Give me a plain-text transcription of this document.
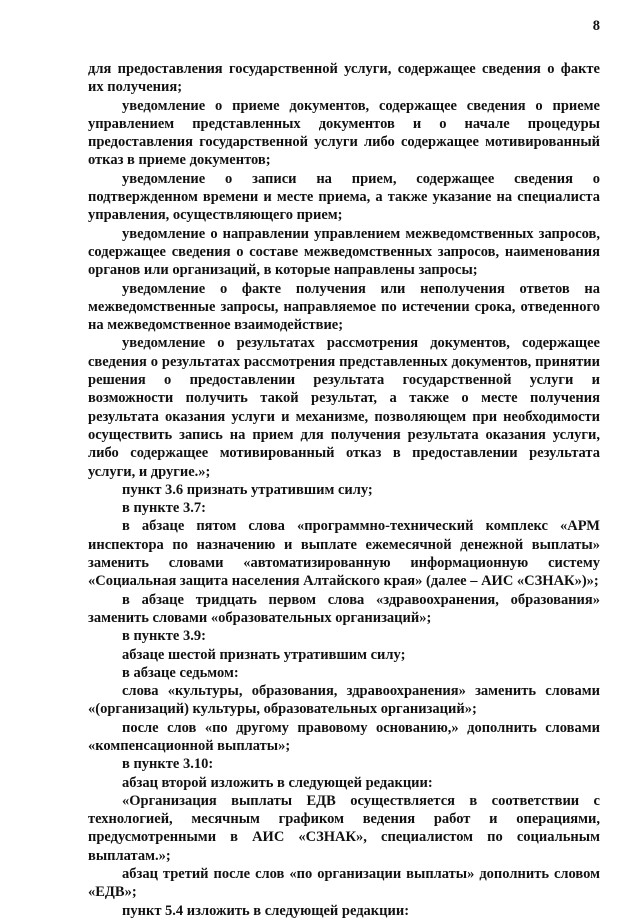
8

для предоставления государственной услуги, содержащее сведения о факте их получения;

уведомление о приеме документов, содержащее сведения о приеме управлением представленных документов и о начале процедуры предоставления государственной услуги либо содержащее мотивированный отказ в приеме документов;

уведомление о записи на прием, содержащее сведения о подтвержденном времени и месте приема, а также указание на специалиста управления, осуществляющего прием;

уведомление о направлении управлением межведомственных запросов, содержащее сведения о составе межведомственных запросов, наименования органов или организаций, в которые направлены запросы;

уведомление о факте получения или неполучения ответов на межведомственные запросы, направляемое по истечении срока, отведенного на межведомственное взаимодействие;

уведомление о результатах рассмотрения документов, содержащее сведения о результатах рассмотрения представленных документов, принятии решения о предоставлении результата государственной услуги и возможности получить такой результат, а также о месте получения результата оказания услуги и механизме, позволяющем при необходимости осуществить запись на прием для получения результата оказания услуги, либо содержащее мотивированный отказ в предоставлении результата услуги, и другие.»;

пункт 3.6 признать утратившим силу;

в пункте 3.7:

в абзаце пятом слова «программно-технический комплекс «АРМ инспектора по назначению и выплате ежемесячной денежной выплаты» заменить словами «автоматизированную информационную систему «Социальная защита населения Алтайского края» (далее – АИС «СЗНАК»)»;

в абзаце тридцать первом слова «здравоохранения, образования» заменить словами «образовательных организаций»;

в пункте 3.9:

абзаце шестой признать утратившим силу;

в абзаце седьмом:

слова «культуры, образования, здравоохранения» заменить словами «(организаций) культуры, образовательных организаций»;

после слов «по другому правовому основанию,» дополнить словами «компенсационной выплаты»;

в пункте 3.10:

абзац второй изложить в следующей редакции:

«Организация выплаты ЕДВ осуществляется в соответствии с технологией, месячным графиком ведения работ и операциями, предусмотренными в АИС «СЗНАК», специалистом по социальным выплатам.»;

абзац третий после слов «по организации выплаты» дополнить словом «ЕДВ»;

пункт 5.4 изложить в следующей редакции:
